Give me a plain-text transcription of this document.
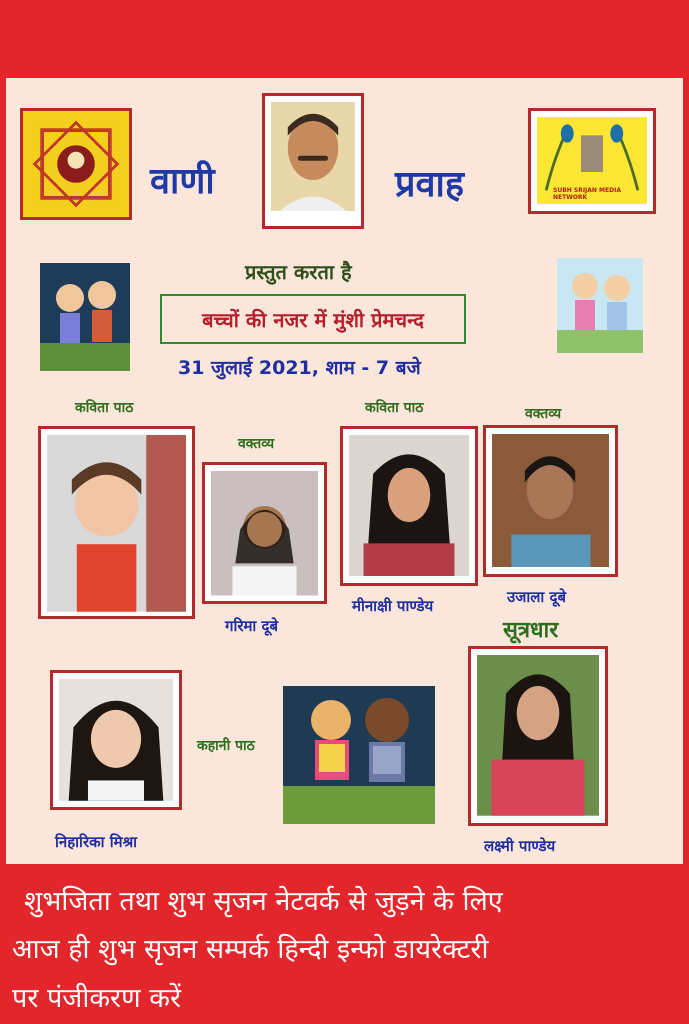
SUBH SRIJAN MEDIA NETWORK
वाणी	प्रवाह
प्रस्तुत करता है
बच्चों की नजर में मुंशी प्रेमचन्द
31 जुलाई 2021, शाम - 7 बजे
कविता पाठ
वक्तव्य
गरिमा दूबे
कविता पाठ
मीनाक्षी पाण्डेय
वक्तव्य
उजाला दूबे
सूत्रधार
लक्ष्मी पाण्डेय
निहारिका मिश्रा
कहानी पाठ
शुभजिता तथा शुभ सृजन नेटवर्क से जुड़ने के लिए
आज ही शुभ सृजन सम्पर्क हिन्दी इन्फो डायरेक्टरी
पर पंजीकरण करें
